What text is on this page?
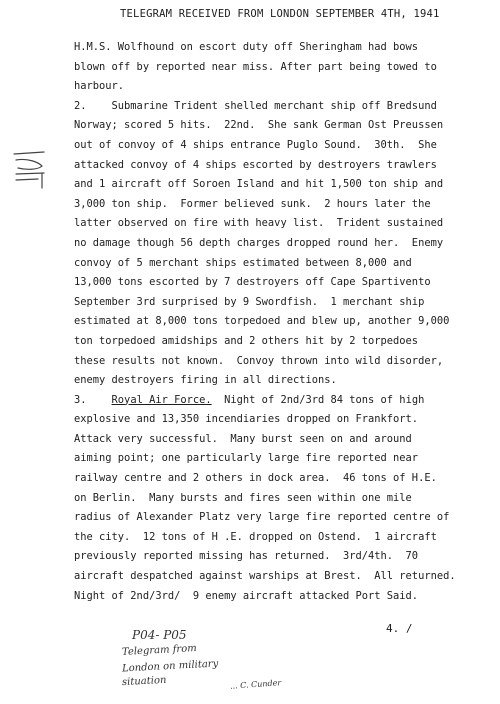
TELEGRAM RECEIVED FROM LONDON SEPTEMBER 4TH, 1941
H.M.S. Wolfhound on escort duty off Sheringham had bows
blown off by reported near miss. After part being towed to
harbour.
2.    Submarine Trident shelled merchant ship off Bredsund
Norway; scored 5 hits.  22nd.  She sank German Ost Preussen
out of convoy of 4 ships entrance Puglo Sound.  30th.  She
attacked convoy of 4 ships escorted by destroyers trawlers
and 1 aircraft off Soroen Island and hit 1,500 ton ship and
3,000 ton ship.  Former believed sunk.  2 hours later the
latter observed on fire with heavy list.  Trident sustained
no damage though 56 depth charges dropped round her.  Enemy
convoy of 5 merchant ships estimated between 8,000 and
13,000 tons escorted by 7 destroyers off Cape Spartivento
September 3rd surprised by 9 Swordfish.  1 merchant ship
estimated at 8,000 tons torpedoed and blew up, another 9,000
ton torpedoed amidships and 2 others hit by 2 torpedoes
these results not known.  Convoy thrown into wild disorder,
enemy destroyers firing in all directions.
3.    Royal Air Force.  Night of 2nd/3rd 84 tons of high
explosive and 13,350 incendiaries dropped on Frankfort.
Attack very successful.  Many burst seen on and around
aiming point; one particularly large fire reported near
railway centre and 2 others in dock area.  46 tons of H.E.
on Berlin.  Many bursts and fires seen within one mile
radius of Alexander Platz very large fire reported centre of
the city.  12 tons of H .E. dropped on Ostend.  1 aircraft
previously reported missing has returned.  3rd/4th.  70
aircraft despatched against warships at Brest.  All returned.
Night of 2nd/3rd/  9 enemy aircraft attacked Port Said.
4. /
P04- P05
Telegram from
London on military
situation	... C. Cunder
